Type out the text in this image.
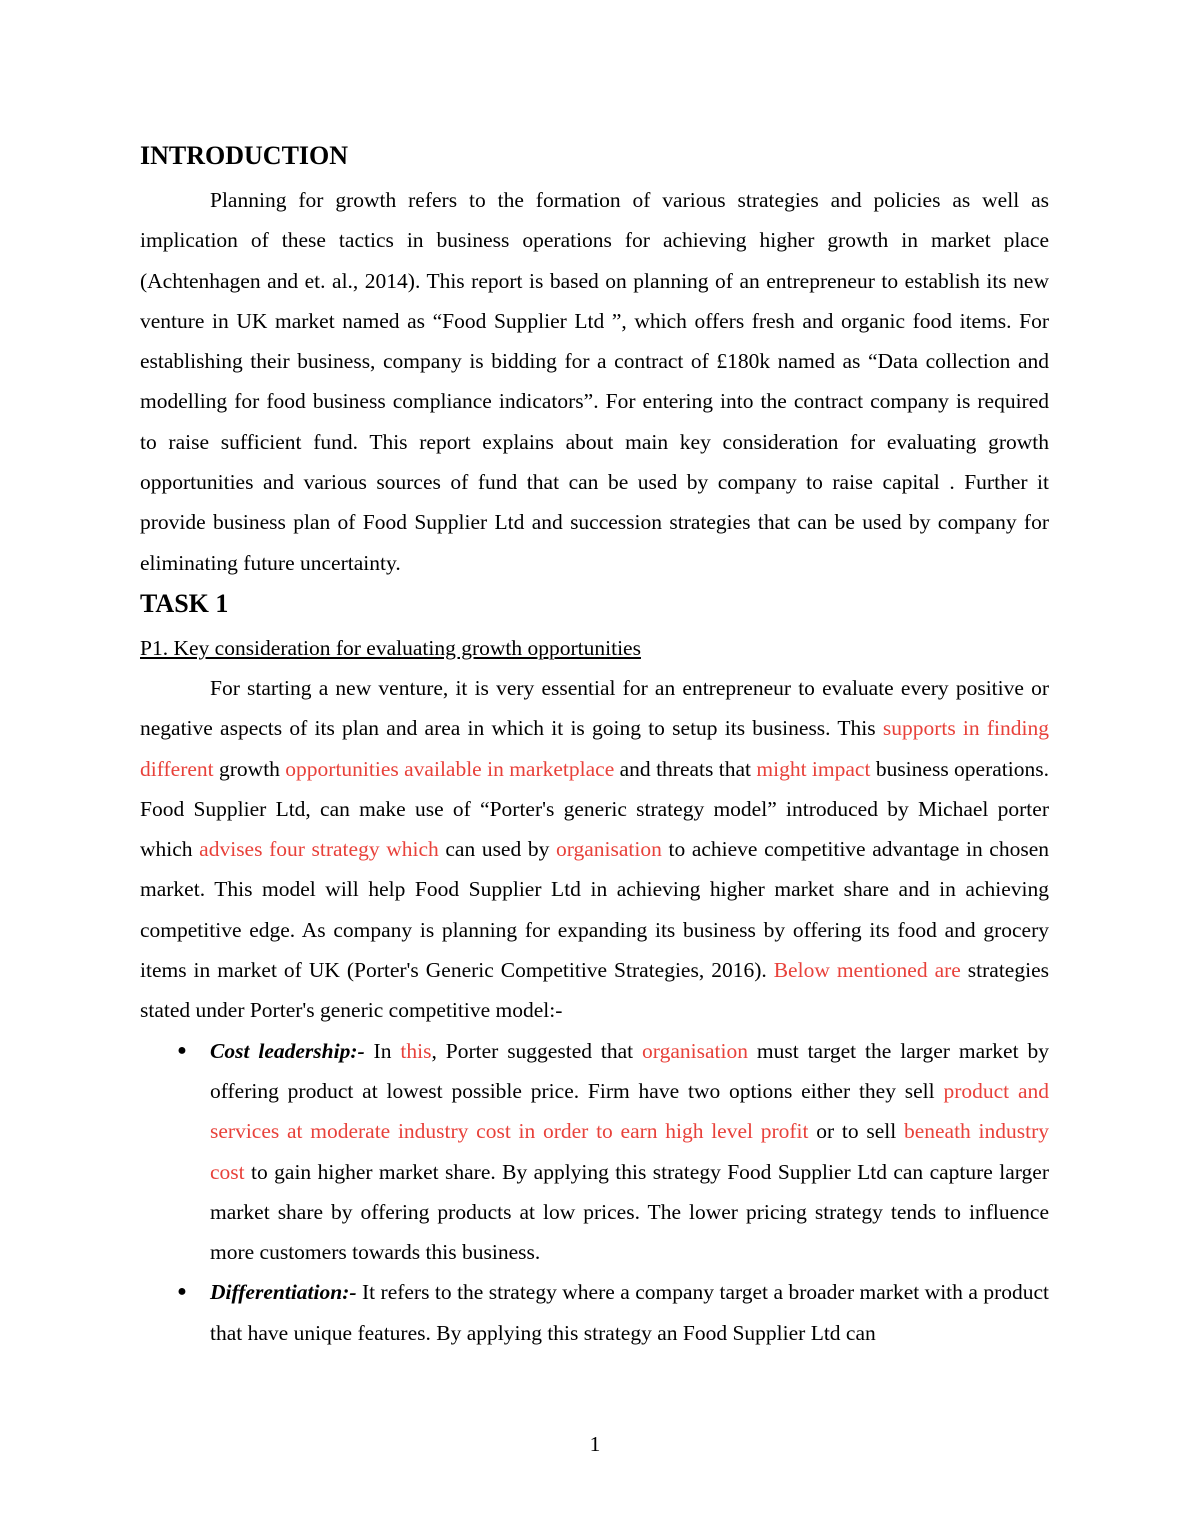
INTRODUCTION

Planning for growth refers to the formation of various strategies and policies as well as implication of these tactics in business operations for achieving higher growth in market place (Achtenhagen and et. al., 2014). This report is based on planning of an entrepreneur to establish its new venture in UK market named as “Food Supplier Ltd ”, which offers fresh and organic food items. For establishing their business, company is bidding for a contract of £180k named as “Data collection and modelling for food business compliance indicators”. For entering into the contract company is required to raise sufficient fund. This report explains about main key consideration for evaluating growth opportunities and various sources of fund that can be used by company to raise capital . Further it provide business plan of Food Supplier Ltd and succession strategies that can be used by company for eliminating future uncertainty.

TASK 1

P1. Key consideration for evaluating growth opportunities

For starting a new venture, it is very essential for an entrepreneur to evaluate every positive or negative aspects of its plan and area in which it is going to setup its business. This supports in finding different growth opportunities available in marketplace and threats that might impact business operations. Food Supplier Ltd, can make use of “Porter's generic strategy model” introduced by Michael porter which advises four strategy which can used by organisation to achieve competitive advantage in chosen market. This model will help Food Supplier Ltd in achieving higher market share and in achieving competitive edge. As company is planning for expanding its business by offering its food and grocery items in market of UK (Porter's Generic Competitive Strategies, 2016). Below mentioned are strategies stated under Porter's generic competitive model:-

● Cost leadership:- In this, Porter suggested that organisation must target the larger market by offering product at lowest possible price. Firm have two options either they sell product and services at moderate industry cost in order to earn high level profit or to sell beneath industry cost to gain higher market share. By applying this strategy Food Supplier Ltd can capture larger market share by offering products at low prices. The lower pricing strategy tends to influence more customers towards this business.
● Differentiation:- It refers to the strategy where a company target a broader market with a product that have unique features. By applying this strategy an Food Supplier Ltd can
1
